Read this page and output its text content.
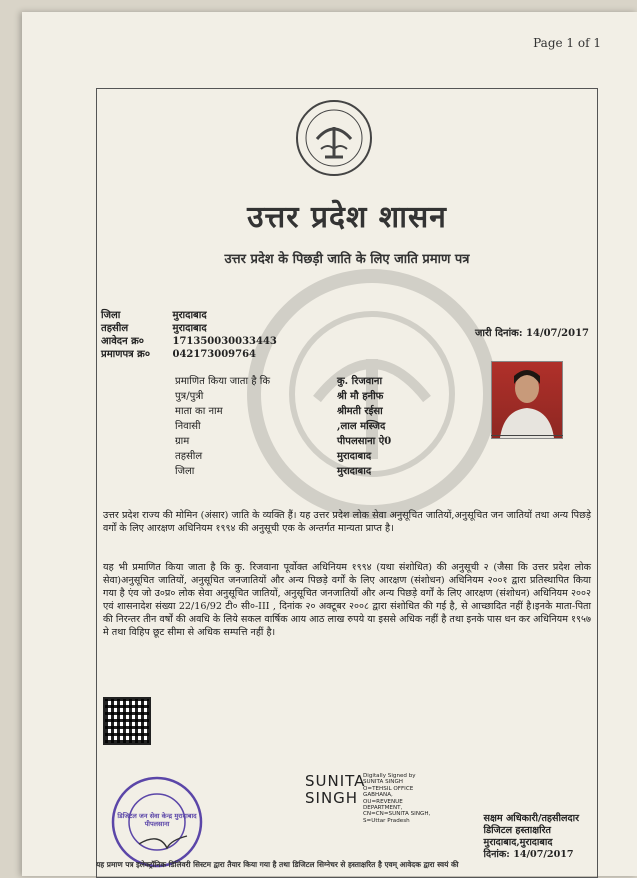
Page 1 of 1
उत्तर प्रदेश शासन
उत्तर प्रदेश के पिछड़ी जाति के लिए जाति प्रमाण पत्र
जिला	मुरादाबाद
तहसील	मुरादाबाद
आवेदन क्र०	171350030033443
प्रमाणपत्र क्र० 042173009764
जारी दिनांक: 14/07/2017
प्रमाणित किया जाता है कि	कु. रिजवाना
पुत्र/पुत्री	श्री मौ हनीफ
माता का नाम	श्रीमती रईसा
निवासी	,लाल मस्जिद
ग्राम	पीपलसाना ऐ0
तहसील	मुरादाबाद
जिला	मुरादाबाद
उत्तर प्रदेश राज्य की मोमिन (अंसार) जाति के व्यक्ति हैं। यह उत्तर प्रदेश लोक सेवा अनुसूचित जातियों,अनुसूचित जन जातियों तथा अन्य पिछड़े वर्गों के लिए आरक्षण अधिनियम १९९४ की अनुसूची एक के अन्तर्गत मान्यता प्राप्त है।
यह भी प्रमाणित किया जाता है कि कु. रिजवाना पूर्वोक्त अधिनियम १९९४ (यथा संशोधित) की अनुसूची २ (जैसा कि उत्तर प्रदेश लोक सेवा)अनुसूचित जातियों, अनुसूचित जनजातियों और अन्य पिछड़े वर्गों के लिए आरक्षण (संशोधन) अधिनियम २००१ द्वारा प्रतिस्थापित किया गया है एंव जो उ०प्र० लोक सेवा अनुसूचित जातियों, अनुसूचित जनजातियों और अन्य पिछड़े वर्गों के लिए आरक्षण (संशोधन) अधिनियम २००२ एवं शासनादेश संख्या 22/16/92 टी० सी०-III , दिनांक २० अक्टूबर २००८ द्वारा संशोधित की गई है, से आच्छादित नहीं है।इनके माता-पिता की निरन्तर तीन वर्षों की अवधि के लिये सकल वार्षिक आय आठ लाख रुपये या इससे अधिक नहीं है तथा इनके पास धन कर अधिनियम १९५७ मे तथा विहिप छूट सीमा से अधिक सम्पत्ति नहीं है।
डिजिटल जन सेवा केन्द्र मुरादाबाद पीपलसाना
SUNITA
SINGH
Digitally Signed by SUNITA SINGH O=TEHSIL OFFICE GABHANA, OU=REVENUE DEPARTMENT, CN=CN=SUNITA SINGH, S=Uttar Pradesh	सक्षम अधिकारी/तहसीलदार
डिजिटल हस्ताक्षरित
मुरादाबाद,मुरादाबाद
दिनांक: 14/07/2017
यह प्रमाण पत्र इलेक्ट्रॉनिक डिलिवरी सिस्टम द्वारा तैयार किया गया है तथा डिजिटल सिग्नेचर से हस्ताक्षरित है एवम् आवेदक द्वारा स्वयं की
